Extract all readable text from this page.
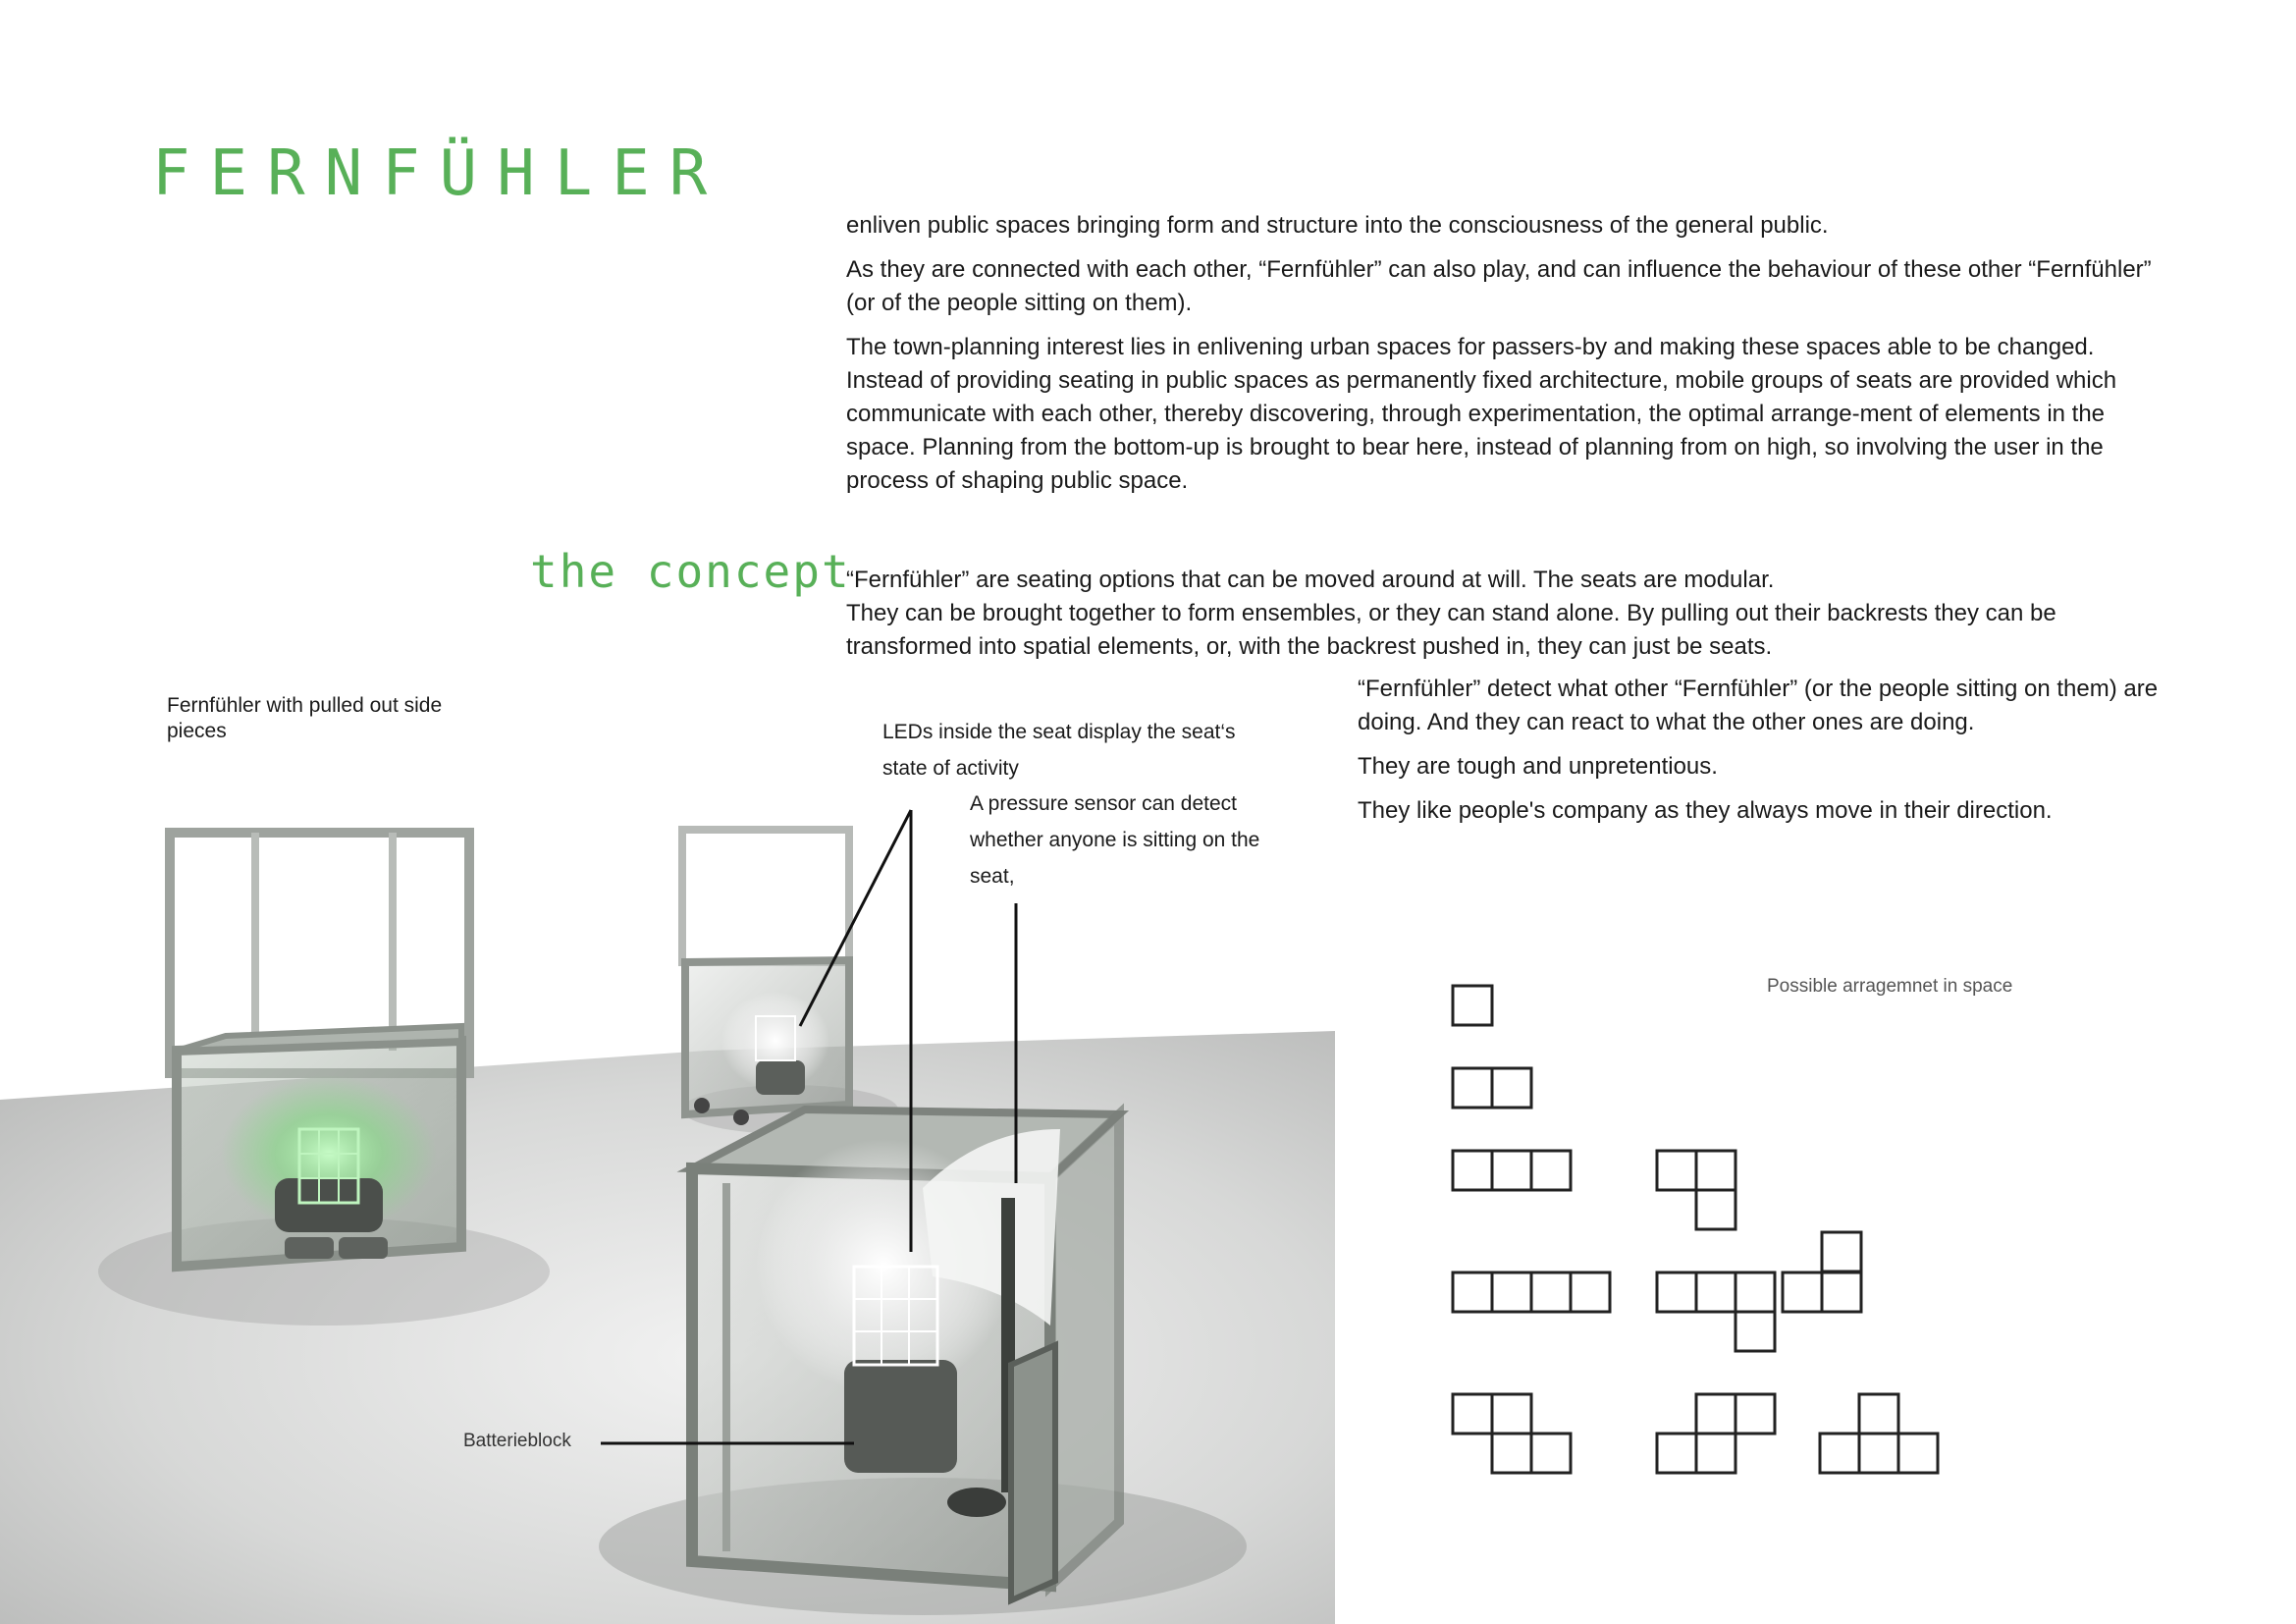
FERNFÜHLER

enliven public spaces bringing form and structure into the consciousness of the general public.

As they are connected with each other, “Fernfühler” can also play, and can influence the behaviour of these other “Fernfühler” (or of the people sitting on them).

The town-planning interest lies in enlivening urban spaces for passers-by and making these spaces able to be changed. Instead of providing seating in public spaces as permanently fixed architecture, mobile groups of seats are provided which communicate with each other, thereby discovering, through experimentation, the optimal arrange-ment of elements in the space. Planning from the bottom-up is brought to bear here, instead of planning from on high, so involving the user in the process of shaping public space.

the concept

“Fernfühler” are seating options that can be moved around at will. The seats are modular.

They can be brought together to form ensembles, or they can stand alone. By pulling out their backrests they can be transformed into spatial elements, or, with the backrest pushed in, they can just be seats.

“Fernfühler” detect what other “Fernfühler” (or the people sitting on them) are doing. And they can react to what the other ones are doing.

They are tough and unpretentious.

They like people's company as they always move in their direction.

Fernfühler with pulled out side pieces	LEDs inside the seat display the seat‘s state of activity
A pressure sensor can detect whether anyone is sitting on the seat,
Batterieblock
Possible arragemnet in space
